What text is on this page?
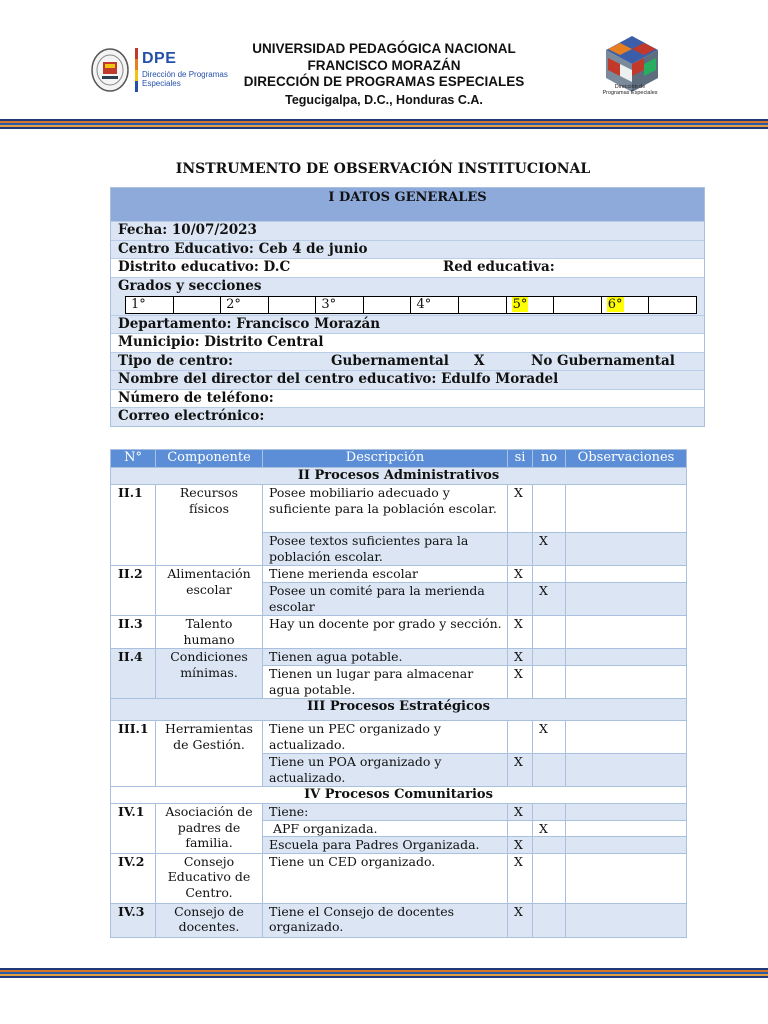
DPE
Dirección de Programas Especiales
UNIVERSIDAD PEDAGÓGICA NACIONAL
FRANCISCO MORAZÁN
DIRECCIÓN DE PROGRAMAS ESPECIALES
Tegucigalpa, D.C., Honduras C.A.
Dirección de
Programas Especiales
INSTRUMENTO DE OBSERVACIÓN INSTITUCIONAL
I DATOS GENERALES
Fecha: 10/07/2023
Centro Educativo: Ceb 4 de junio
Distrito educativo: D.C	Red educativa:
Grados y secciones
1°	2°	3°	4°	5°	6°
Departamento: Francisco Morazán
Municipio: Distrito Central
Tipo de centro:	Gubernamental X	No Gubernamental
Nombre del director del centro educativo: Edulfo Moradel
Número de teléfono:
Correo electrónico:
N°	Componente	Descripción	si	no	Observaciones
II Procesos Administrativos					
II.1	Recursos físicos	Posee mobiliario adecuado y suficiente para la población escolar.	X		
		Posee textos suficientes para la población escolar.		X	
II.2	Alimentación escolar	Tiene merienda escolar	X		
		Posee un comité para la merienda escolar		X	
II.3	Talento humano	Hay un docente por grado y sección.	X		
II.4	Condiciones mínimas.	Tienen agua potable.	X		
		Tienen un lugar para almacenar agua potable.	X		
III Procesos Estratégicos					
III.1	Herramientas de Gestión.	Tiene un PEC organizado y actualizado.		X	
		Tiene un POA organizado y actualizado.	X		
IV Procesos Comunitarios					
IV.1	Asociación de padres de familia.	Tiene:	X		
		APF organizada.		X	
		Escuela para Padres Organizada.	X		
IV.2	Consejo Educativo de Centro.	Tiene un CED organizado.	X		
IV.3	Consejo de docentes.	Tiene el Consejo de docentes organizado.	X		
